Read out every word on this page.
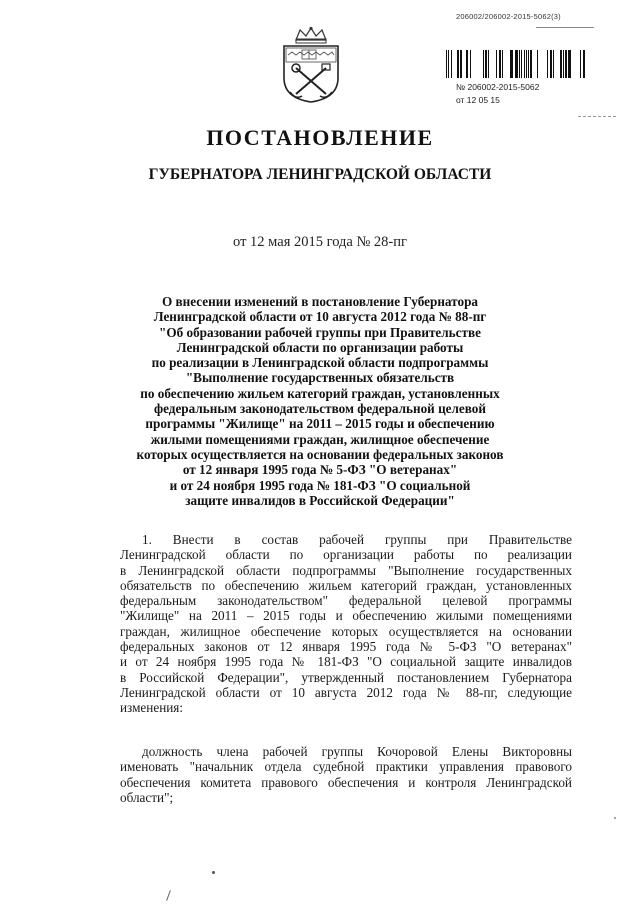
206002/206002-2015-5062(3)
№ 206002-2015-5062
от 12 05 15
ПОСТАНОВЛЕНИЕ
ГУБЕРНАТОРА ЛЕНИНГРАДСКОЙ ОБЛАСТИ
от 12 мая 2015 года № 28-пг
О внесении изменений в постановление Губернатора
Ленинградской области от 10 августа 2012 года № 88-пг
"Об образовании рабочей группы при Правительстве
Ленинградской области по организации работы
по реализации в Ленинградской области подпрограммы
"Выполнение государственных обязательств
по обеспечению жильем категорий граждан, установленных
федеральным законодательством федеральной целевой
программы "Жилище" на 2011 – 2015 годы и обеспечению
жилыми помещениями граждан, жилищное обеспечение
которых осуществляется на основании федеральных законов
от 12 января 1995 года № 5-ФЗ "О ветеранах"
и от 24 ноября 1995 года № 181-ФЗ "О социальной
защите инвалидов в Российской Федерации"
1. Внести в состав рабочей группы при Правительстве
Ленинградской области по организации работы по реализации
в Ленинградской области подпрограммы "Выполнение государственных
обязательств по обеспечению жильем категорий граждан, установленных
федеральным законодательством" федеральной целевой программы
"Жилище" на 2011 – 2015 годы и обеспечению жилыми помещениями
граждан, жилищное обеспечение которых осуществляется на основании
федеральных законов от 12 января 1995 года № 5-ФЗ "О ветеранах"
и от 24 ноября 1995 года № 181-ФЗ "О социальной защите инвалидов
в Российской Федерации", утвержденный постановлением Губернатора
Ленинградской области от 10 августа 2012 года № 88-пг, следующие
изменения:
должность члена рабочей группы Кочоровой Елены Викторовны
именовать "начальник отдела судебной практики управления правового
обеспечения комитета правового обеспечения и контроля Ленинградской
области";
